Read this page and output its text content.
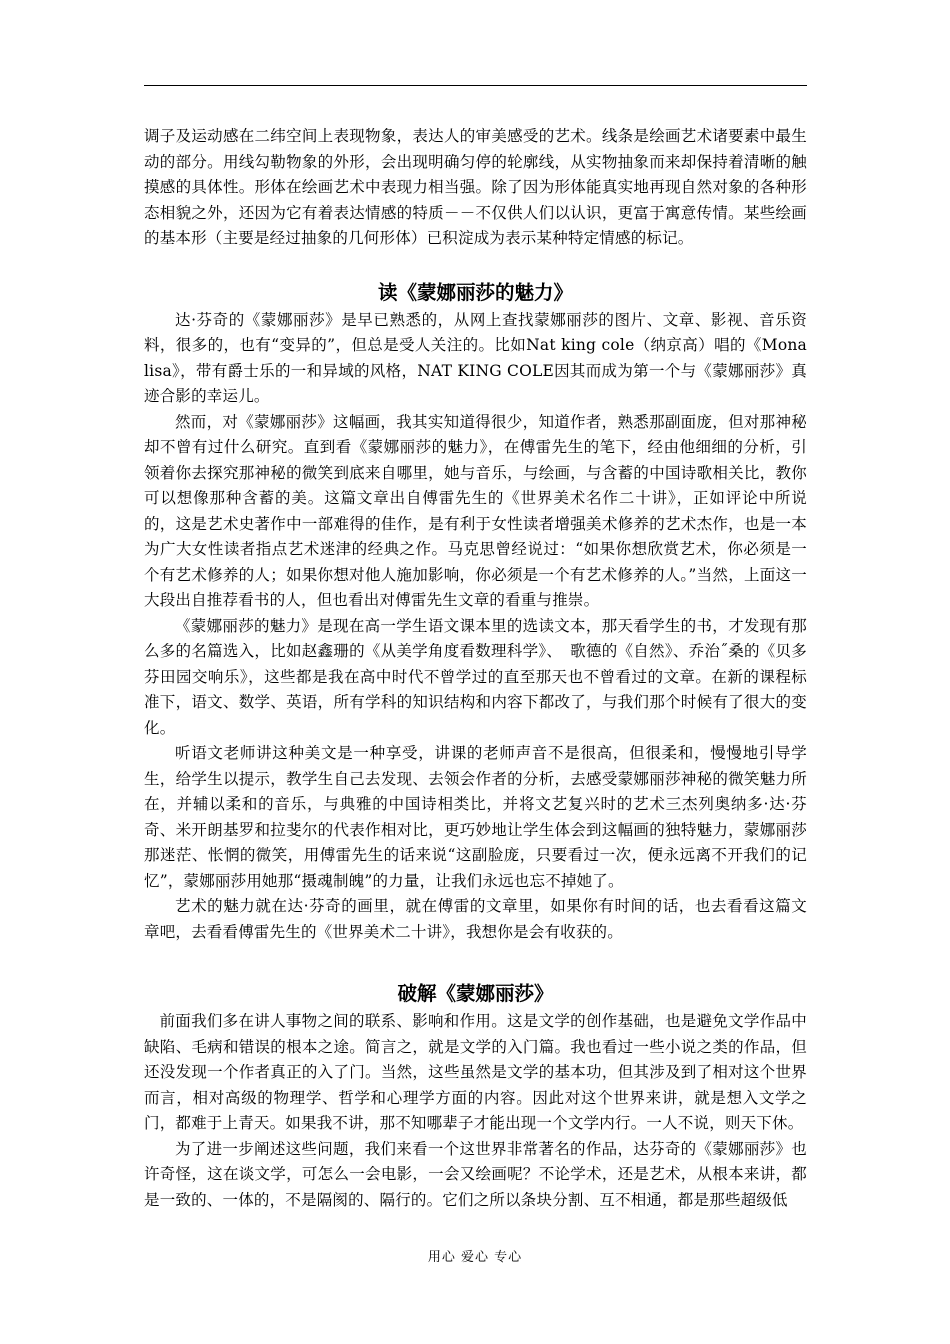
调子及运动感在二纬空间上表现物象，表达人的审美感受的艺术。线条是绘画艺术诸要素中最生动的部分。用线勾勒物象的外形，会出现明确匀停的轮廓线，从实物抽象而来却保持着清晰的触摸感的具体性。形体在绘画艺术中表现力相当强。除了因为形体能真实地再现自然对象的各种形态相貌之外，还因为它有着表达情感的特质－－不仅供人们以认识，更富于寓意传情。某些绘画的基本形（主要是经过抽象的几何形体）已积淀成为表示某种特定情感的标记。

读《蒙娜丽莎的魅力》

达·芬奇的《蒙娜丽莎》是早已熟悉的，从网上查找蒙娜丽莎的图片、文章、影视、音乐资料，很多的，也有“变异的”，但总是受人关注的。比如Nat king cole（纳京高）唱的《Mona lisa》，带有爵士乐的一和异域的风格，NAT KING COLE因其而成为第一个与《蒙娜丽莎》真迹合影的幸运儿。

然而，对《蒙娜丽莎》这幅画，我其实知道得很少，知道作者，熟悉那副面庞，但对那神秘却不曾有过什么研究。直到看《蒙娜丽莎的魅力》，在傅雷先生的笔下，经由他细细的分析，引领着你去探究那神秘的微笑到底来自哪里，她与音乐，与绘画，与含蓄的中国诗歌相关比，教你可以想像那种含蓄的美。这篇文章出自傅雷先生的《世界美术名作二十讲》，正如评论中所说的，这是艺术史著作中一部难得的佳作，是有利于女性读者增强美术修养的艺术杰作，也是一本为广大女性读者指点艺术迷津的经典之作。马克思曾经说过：“如果你想欣赏艺术，你必须是一个有艺术修养的人；如果你想对他人施加影响，你必须是一个有艺术修养的人。”当然，上面这一大段出自推荐看书的人，但也看出对傅雷先生文章的看重与推崇。

《蒙娜丽莎的魅力》是现在高一学生语文课本里的选读文本，那天看学生的书，才发现有那么多的名篇选入，比如赵鑫珊的《从美学角度看数理科学》、　歌德的《自然》、乔治˝桑的《贝多芬田园交响乐》，这些都是我在高中时代不曾学过的直至那天也不曾看过的文章。在新的课程标准下，语文、数学、英语，所有学科的知识结构和内容下都改了，与我们那个时候有了很大的变化。

听语文老师讲这种美文是一种享受，讲课的老师声音不是很高，但很柔和，慢慢地引导学生，给学生以提示，教学生自己去发现、去领会作者的分析，去感受蒙娜丽莎神秘的微笑魅力所在，并辅以柔和的音乐，与典雅的中国诗相类比，并将文艺复兴时的艺术三杰列奥纳多·达·芬奇、米开朗基罗和拉斐尔的代表作相对比，更巧妙地让学生体会到这幅画的独特魅力，蒙娜丽莎那迷茫、怅惘的微笑，用傅雷先生的话来说“这副脸庞，只要看过一次，便永远离不开我们的记忆”，蒙娜丽莎用她那“摄魂制魄”的力量，让我们永远也忘不掉她了。

艺术的魅力就在达·芬奇的画里，就在傅雷的文章里，如果你有时间的话，也去看看这篇文章吧，去看看傅雷先生的《世界美术二十讲》，我想你是会有收获的。

破解《蒙娜丽莎》

前面我们多在讲人事物之间的联系、影响和作用。这是文学的创作基础，也是避免文学作品中缺陷、毛病和错误的根本之途。简言之，就是文学的入门篇。我也看过一些小说之类的作品，但还没发现一个作者真正的入了门。当然，这些虽然是文学的基本功，但其涉及到了相对这个世界而言，相对高级的物理学、哲学和心理学方面的内容。因此对这个世界来讲，就是想入文学之门，都难于上青天。如果我不讲，那不知哪辈子才能出现一个文学内行。一人不说，则天下休。

为了进一步阐述这些问题，我们来看一个这世界非常著名的作品，达芬奇的《蒙娜丽莎》也许奇怪，这在谈文学，可怎么一会电影，一会又绘画呢？不论学术，还是艺术，从根本来讲，都是一致的、一体的，不是隔阂的、隔行的。它们之所以条块分割、互不相通，都是那些超级低

用心 爱心 专心
